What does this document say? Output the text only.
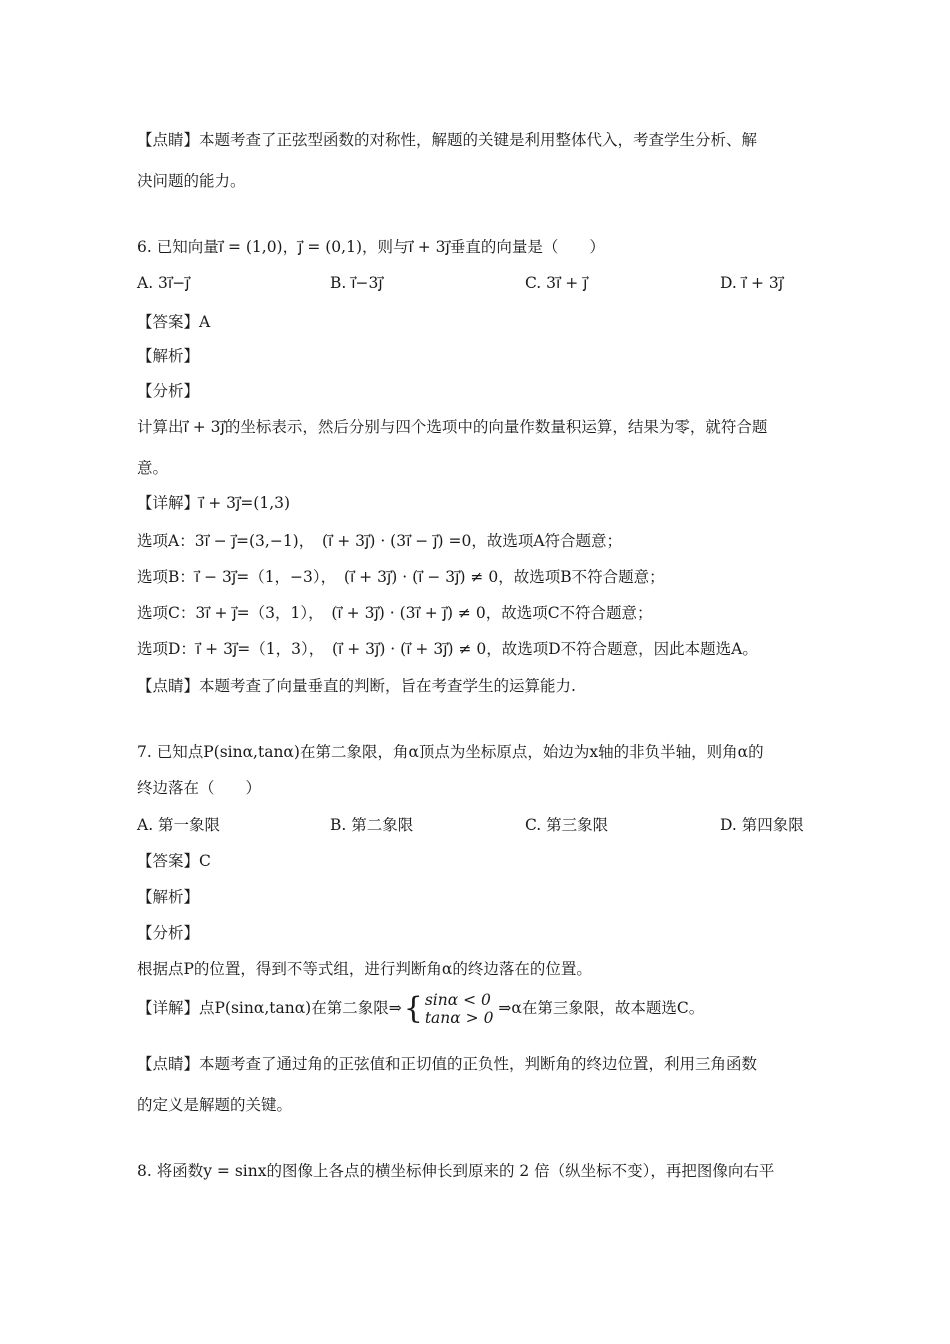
【点睛】本题考查了正弦型函数的对称性，解题的关键是利用整体代入，考查学生分析、解
决问题的能力。
6. 已知向量i⃗ = (1,0)，j⃗ = (0,1)，则与i⃗ + 3j⃗垂直的向量是（　　）
A. 3i⃗−j⃗	B. i⃗−3j⃗	C. 3i⃗ + j⃗	D. i⃗ + 3j⃗
【答案】A
【解析】
【分析】
计算出i⃗ + 3j⃗的坐标表示，然后分别与四个选项中的向量作数量积运算，结果为零，就符合题
意。
【详解】i⃗ + 3j⃗=(1,3)
选项A：3i⃗ − j⃗=(3,−1)，　(i⃗ + 3j⃗) · (3i⃗ − j⃗) =0，故选项A符合题意；
选项B：i⃗ − 3j⃗=（1，−3），　(i⃗ + 3j⃗) · (i⃗ − 3j⃗) ≠ 0，故选项B不符合题意；
选项C：3i⃗ + j⃗=（3，1），　(i⃗ + 3j⃗) · (3i⃗ + j⃗) ≠ 0，故选项C不符合题意；
选项D：i⃗ + 3j⃗=（1，3），　(i⃗ + 3j⃗) · (i⃗ + 3j⃗) ≠ 0，故选项D不符合题意，因此本题选A。
【点睛】本题考查了向量垂直的判断，旨在考查学生的运算能力.
7. 已知点P(sinα,tanα)在第二象限，角α顶点为坐标原点，始边为x轴的非负半轴，则角α的
终边落在（　　）
A. 第一象限	B. 第二象限	C. 第三象限	D. 第四象限
【答案】C
【解析】
【分析】
根据点P的位置，得到不等式组，进行判断角α的终边落在的位置。
【详解】点P(sinα,tanα)在第二象限⇒{ sinα < 0
tanα > 0 ⇒α在第三象限，故本题选C。
【点睛】本题考查了通过角的正弦值和正切值的正负性，判断角的终边位置，利用三角函数
的定义是解题的关键。
8. 将函数y = sinx的图像上各点的横坐标伸长到原来的 2 倍（纵坐标不变），再把图像向右平
